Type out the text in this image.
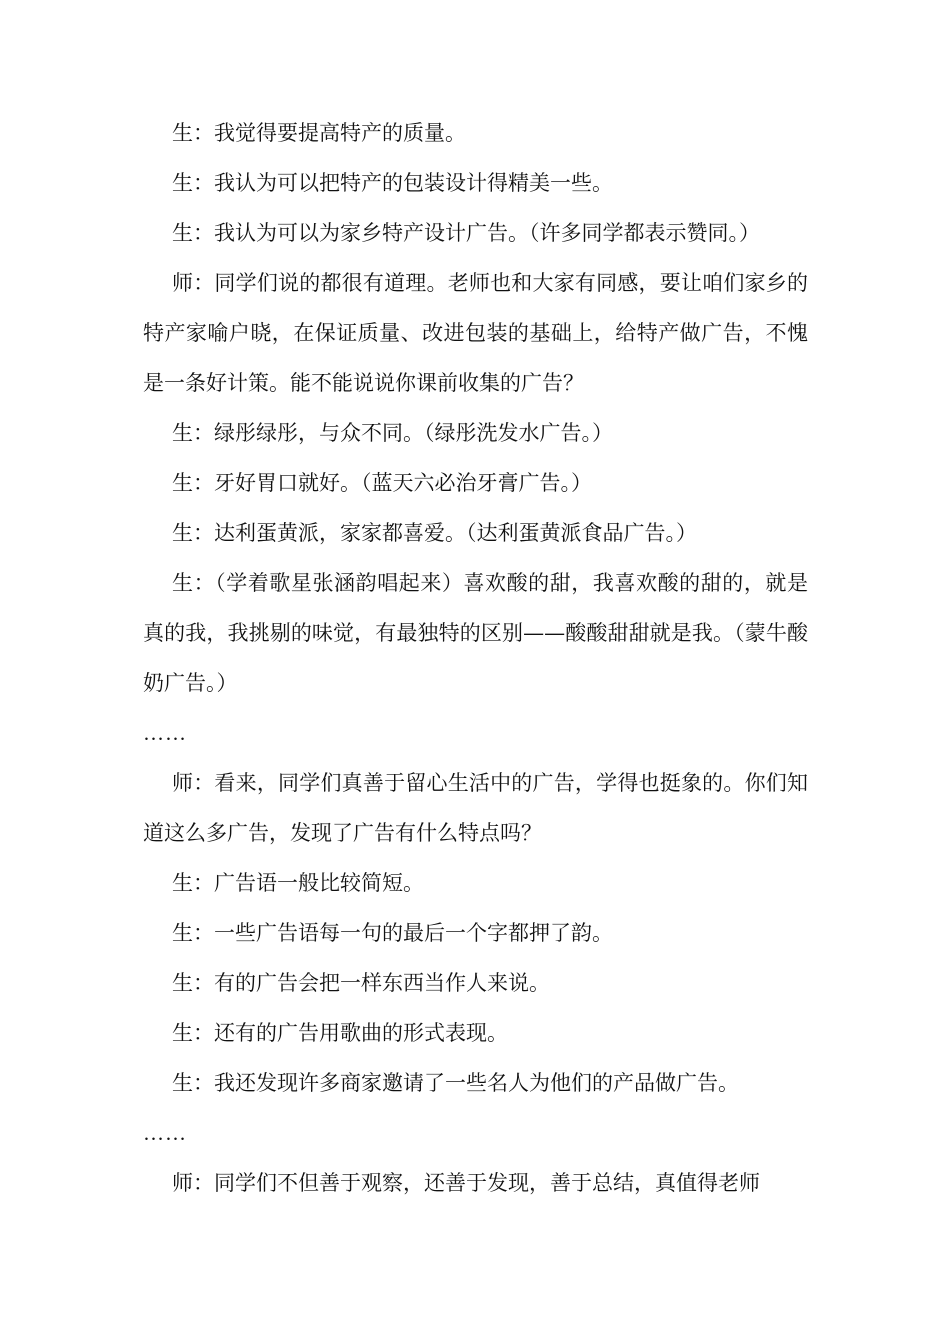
生：我觉得要提高特产的质量。

生：我认为可以把特产的包装设计得精美一些。

生：我认为可以为家乡特产设计广告。（许多同学都表示赞同。）

师：同学们说的都很有道理。老师也和大家有同感，要让咱们家乡的特产家喻户晓，在保证质量、改进包装的基础上，给特产做广告，不愧是一条好计策。能不能说说你课前收集的广告？

生：绿彤绿彤，与众不同。（绿彤洗发水广告。）

生：牙好胃口就好。（蓝天六必治牙膏广告。）

生：达利蛋黄派，家家都喜爱。（达利蛋黄派食品广告。）

生：（学着歌星张涵韵唱起来）喜欢酸的甜，我喜欢酸的甜的，就是真的我，我挑剔的味觉，有最独特的区别——酸酸甜甜就是我。（蒙牛酸奶广告。）

……

师：看来，同学们真善于留心生活中的广告，学得也挺象的。你们知道这么多广告，发现了广告有什么特点吗？

生：广告语一般比较简短。

生：一些广告语每一句的最后一个字都押了韵。

生：有的广告会把一样东西当作人来说。

生：还有的广告用歌曲的形式表现。

生：我还发现许多商家邀请了一些名人为他们的产品做广告。

……

师：同学们不但善于观察，还善于发现，善于总结，真值得老师
